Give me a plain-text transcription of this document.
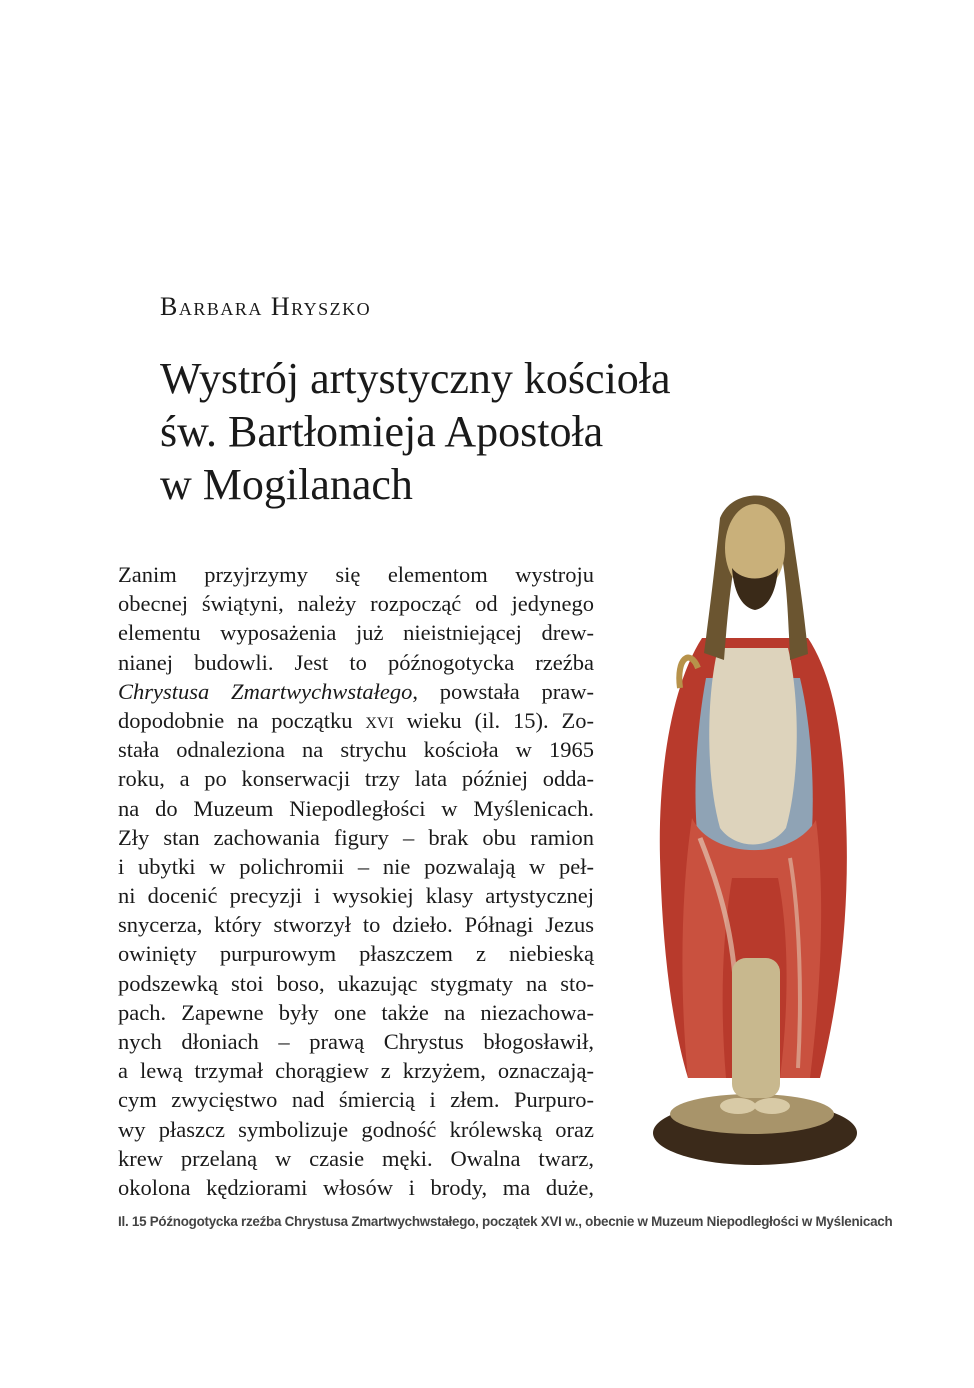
Barbara Hryszko
Wystrój artystyczny kościoła
św. Bartłomieja Apostoła
w Mogilanach
Zanim przyjrzymy się elementom wystroju
obecnej świątyni, należy rozpocząć od jedynego
elementu wyposażenia już nieistniejącej drew-
nianej budowli. Jest to późnogotycka rzeźba
Chrystusa Zmartwychwstałego, powstała praw-
dopodobnie na początku xvi wieku (il. 15). Zo-
stała odnaleziona na strychu kościoła w 1965
roku, a po konserwacji trzy lata później odda-
na do Muzeum Niepodległości w Myślenicach.
Zły stan zachowania figury – brak obu ramion
i ubytki w polichromii – nie pozwalają w peł-
ni docenić precyzji i wysokiej klasy artystycznej
snycerza, który stworzył to dzieło. Półnagi Jezus
owinięty purpurowym płaszczem z niebieską
podszewką stoi boso, ukazując stygmaty na sto-
pach. Zapewne były one także na niezachowa-
nych dłoniach – prawą Chrystus błogosławił,
a lewą trzymał chorągiew z krzyżem, oznaczają-
cym zwycięstwo nad śmiercią i złem. Purpuro-
wy płaszcz symbolizuje godność królewską oraz
krew przelaną w czasie męki. Owalna twarz,
okolona kędziorami włosów i brody, ma duże,
Il. 15 Późnogotycka rzeźba Chrystusa Zmartwychwstałego, początek XVI w., obecnie w Muzeum Niepodległości w Myślenicach
